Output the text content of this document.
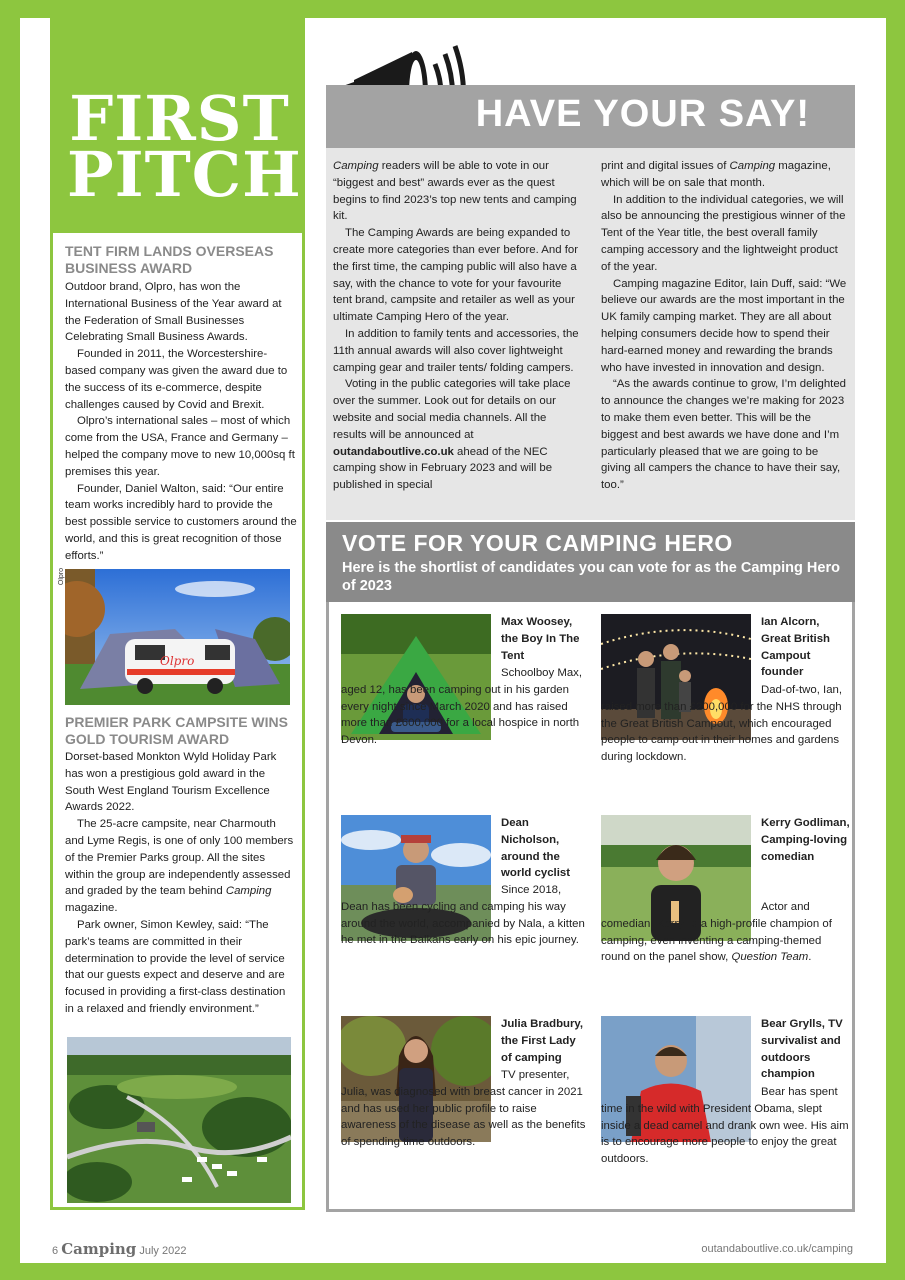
FIRST
PITCH
TENT FIRM LANDS OVERSEAS BUSINESS AWARD

Outdoor brand, Olpro, has won the International Business of the Year award at the Federation of Small Businesses Celebrating Small Business Awards.

Founded in 2011, the Worcestershire-based company was given the award due to the success of its e-commerce, despite challenges caused by Covid and Brexit.

Olpro’s international sales – most of which come from the USA, France and Germany – helped the company move to new 10,000sq ft premises this year.

Founder, Daniel Walton, said: “Our entire team works incredibly hard to provide the best possible service to customers around the world, and this is great recognition of those efforts.”

Olpro
PREMIER PARK CAMPSITE WINS GOLD TOURISM AWARD

Dorset-based Monkton Wyld Holiday Park has won a prestigious gold award in the South West England Tourism Excellence Awards 2022.

The 25-acre campsite, near Charmouth and Lyme Regis, is one of only 100 members of the Premier Parks group. All the sites within the group are independently assessed and graded by the team behind Camping magazine.

Park owner, Simon Kewley, said: “The park’s teams are committed in their determination to provide the level of service that our guests expect and deserve and are focused in providing a first-class destination in a relaxed and friendly environment.”

Olpro
HAVE YOUR SAY!

Camping readers will be able to vote in our “biggest and best” awards ever as the quest begins to find 2023’s top new tents and camping kit.

The Camping Awards are being expanded to create more categories than ever before. And for the first time, the camping public will also have a say, with the chance to vote for your favourite tent brand, campsite and retailer as well as your ultimate Camping Hero of the year.

In addition to family tents and accessories, the 11th annual awards will also cover lightweight camping gear and trailer tents/ folding campers.

Voting in the public categories will take place over the summer. Look out for details on our website and social media channels. All the results will be announced at outandaboutlive.co.uk ahead of the NEC camping show in February 2023 and will be published in special

print and digital issues of Camping magazine, which will be on sale that month.

In addition to the individual categories, we will also be announcing the prestigious winner of the Tent of the Year title, the best overall family camping accessory and the lightweight product of the year.

Camping magazine Editor, Iain Duff, said: “We believe our awards are the most important in the UK family camping market. They are all about helping consumers decide how to spend their hard-earned money and rewarding the brands who have invested in innovation and design.

“As the awards continue to grow, I’m delighted to announce the changes we’re making for 2023 to make them even better. This will be the biggest and best awards we have done and I’m particularly pleased that we are going to be giving all campers the chance to have their say, too.”

VOTE FOR YOUR CAMPING HERO
Here is the shortlist of candidates you can vote for as the Camping Hero of 2023
Max Woosey, the Boy In The Tent
Schoolboy Max, aged 12, has been camping out in his garden every night since March 2020 and has raised more than £600,000 for a local hospice in north Devon.
Ian Alcorn, Great British Campout founder
Dad-of-two, Ian, raised more than £200,000 for the NHS through the Great British Campout, which encouraged people to camp out in their homes and gardens during lockdown.
Dean Nicholson, around the world cyclist
Since 2018, Dean has been cycling and camping his way around the world, accompanied by Nala, a kitten he met in the Balkans early on his epic journey.
Kerry Godliman, Camping-loving comedian
Actor and comedian, Kerry, is a high-profile champion of camping, even inventing a camping-themed round on the panel show, Question Team.
Julia Bradbury, the First Lady of camping
TV presenter, Julia, was diagnosed with breast cancer in 2021 and has used her public profile to raise awareness of the disease as well as the benefits of spending time outdoors.
Bear Grylls, TV survivalist and outdoors champion
Bear has spent time in the wild with President Obama, slept inside a dead camel and drank own wee. His aim is to encourage more people to enjoy the great outdoors.
6 Camping July 2022	outandaboutlive.co.uk/camping
